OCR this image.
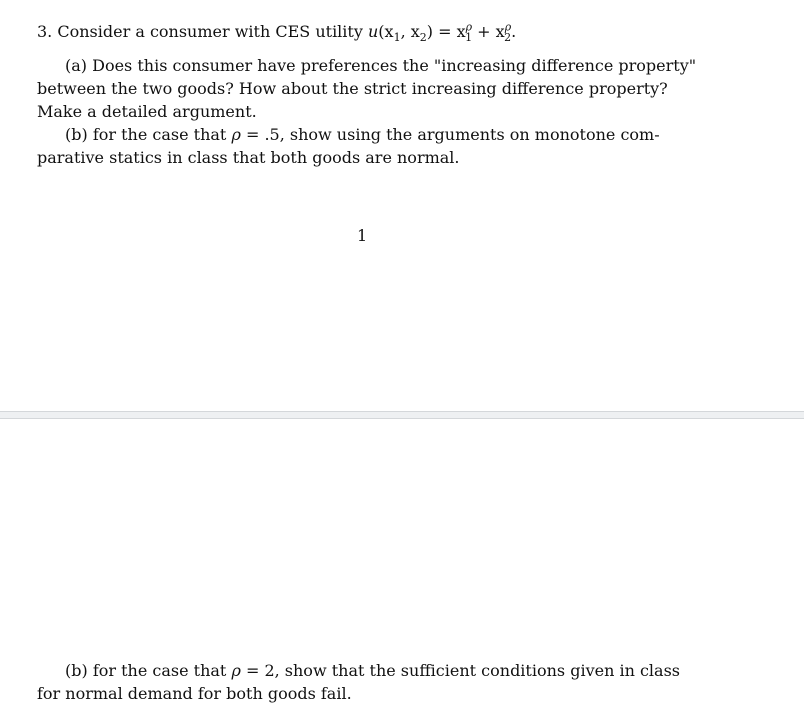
3. Consider a consumer with CES utility $u(x_1$, $x_2) = x^\rho_1 + x^\rho_2$.
(a) Does this consumer have preferences the "increasing difference property"
between the two goods? How about the strict increasing difference property?
Make a detailed argument.
(b) for the case that ρ = .5, show using the arguments on monotone com-
parative statics in class that both goods are normal.
1
(b) for the case that ρ = 2, show that the sufficient conditions given in class
for normal demand for both goods fail.
